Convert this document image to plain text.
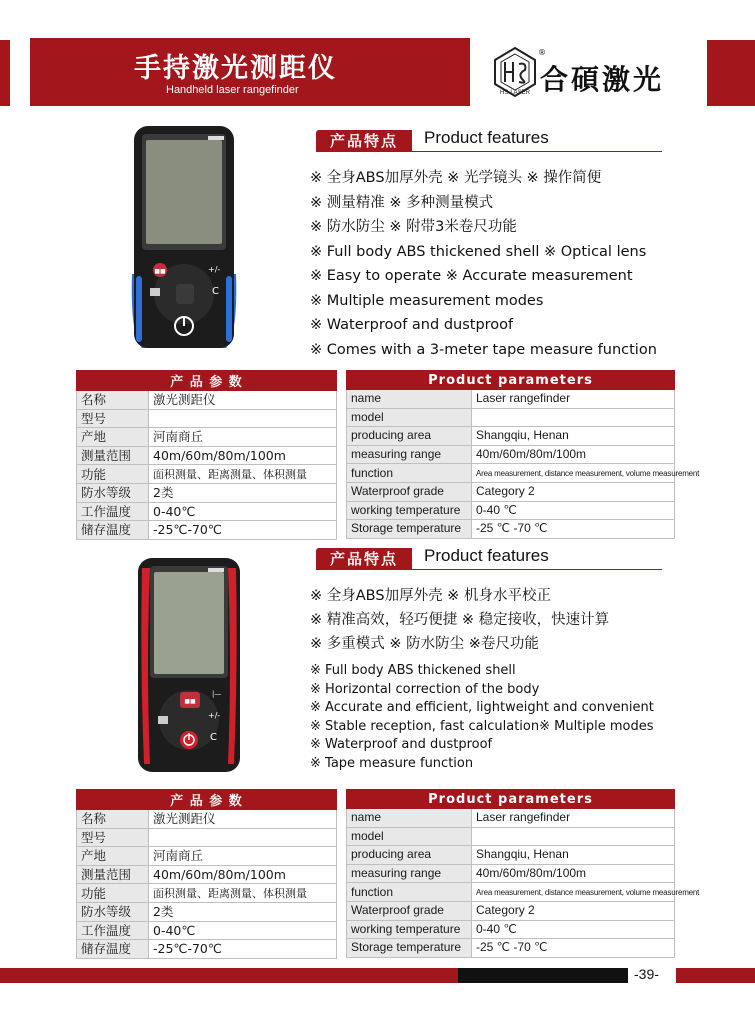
手持激光测距仪
Handheld laser rangefinder	HS-LASER
®
合碩激光
■■	+/-
C
产品特点	Product features
※ 全身ABS加厚外壳 ※ 光学镜头 ※ 操作简便
※ 测量精准 ※ 多种测量模式
※ 防水防尘 ※ 附带3米卷尺功能
※ Full body ABS thickened shell ※ Optical lens
※ Easy to operate ※ Accurate measurement
※ Multiple measurement modes
※ Waterproof and dustproof
※ Comes with a 3-meter tape measure function
产 品 参 数	
名称	激光测距仪
型号	
产地	河南商丘
测量范围	40m/60m/80m/100m
功能	面积测量、距离测量、体积测量
防水等级	2类
工作温度	0-40℃
储存温度	-25℃-70℃
Product parameters	
name	Laser rangefinder
model	
producing area	Shangqiu, Henan
measuring range	40m/60m/80m/100m
function	Area measurement, distance measurement, volume measurement
Waterproof grade	Category 2
working temperature	0-40 ℃
Storage temperature	-25 ℃ -70 ℃
■■
|—
+/-
C
产品特点	Product features
※ 全身ABS加厚外壳 ※ 机身水平校正
※ 精准高效，轻巧便捷 ※ 稳定接收，快速计算
※ 多重模式 ※ 防水防尘 ※卷尺功能
※ Full body ABS thickened shell
※ Horizontal correction of the body
※ Accurate and efficient, lightweight and convenient
※ Stable reception, fast calculation※ Multiple modes
※ Waterproof and dustproof
※ Tape measure function
产 品 参 数	
名称	激光测距仪
型号	
产地	河南商丘
测量范围	40m/60m/80m/100m
功能	面积测量、距离测量、体积测量
防水等级	2类
工作温度	0-40℃
储存温度	-25℃-70℃
Product parameters	
name	Laser rangefinder
model	
producing area	Shangqiu, Henan
measuring range	40m/60m/80m/100m
function	Area measurement, distance measurement, volume measurement
Waterproof grade	Category 2
working temperature	0-40 ℃
Storage temperature	-25 ℃ -70 ℃
-39-
